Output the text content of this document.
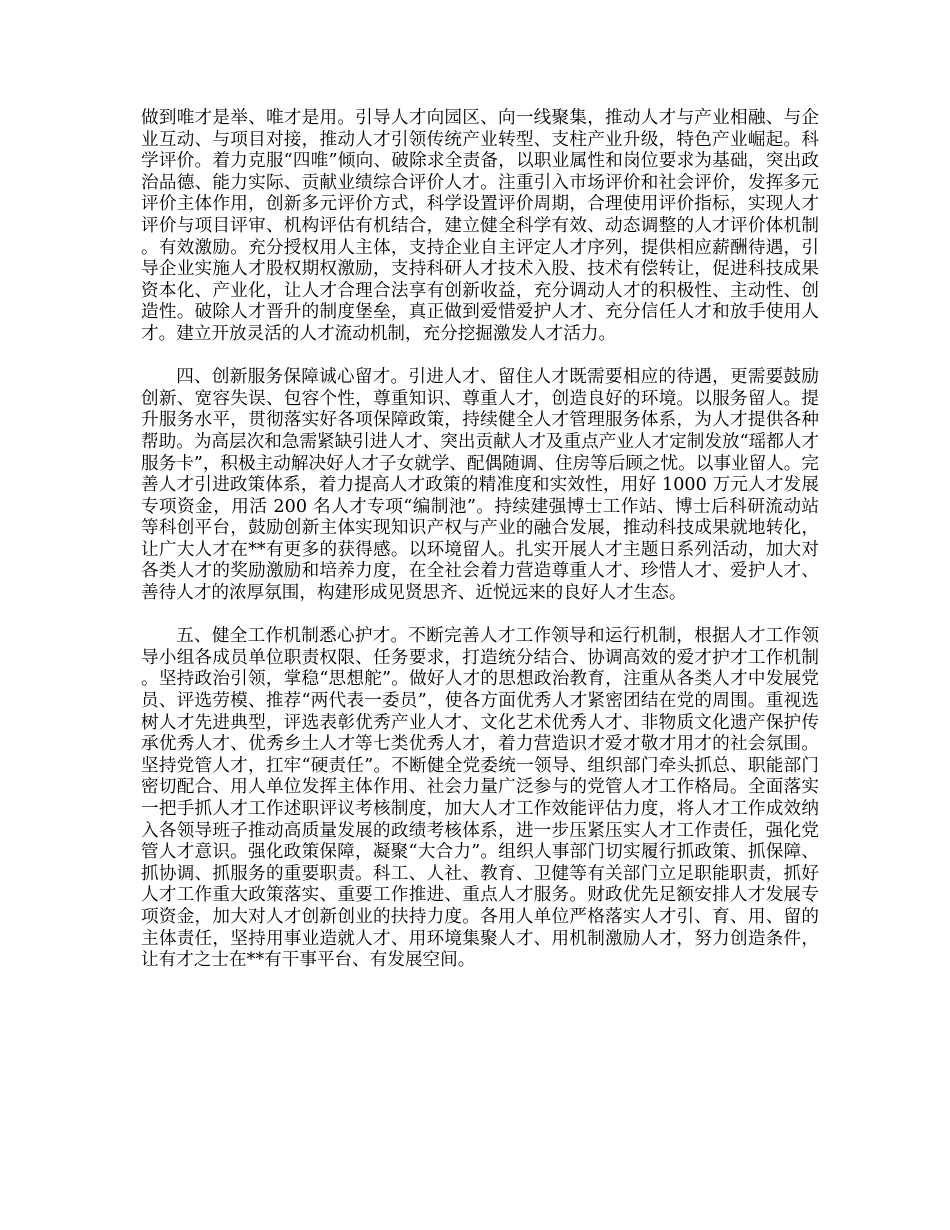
做到唯才是举、唯才是用。引导人才向园区、向一线聚集，推动人才与产业相融、与企业互动、与项目对接，推动人才引领传统产业转型、支柱产业升级，特色产业崛起。科学评价。着力克服“四唯”倾向、破除求全责备，以职业属性和岗位要求为基础，突出政治品德、能力实际、贡献业绩综合评价人才。注重引入市场评价和社会评价，发挥多元评价主体作用，创新多元评价方式，科学设置评价周期，合理使用评价指标，实现人才评价与项目评审、机构评估有机结合，建立健全科学有效、动态调整的人才评价体机制。有效激励。充分授权用人主体，支持企业自主评定人才序列，提供相应薪酬待遇，引导企业实施人才股权期权激励，支持科研人才技术入股、技术有偿转让，促进科技成果资本化、产业化，让人才合理合法享有创新收益，充分调动人才的积极性、主动性、创造性。破除人才晋升的制度堡垒，真正做到爱惜爱护人才、充分信任人才和放手使用人才。建立开放灵活的人才流动机制，充分挖掘激发人才活力。

四、创新服务保障诚心留才。引进人才、留住人才既需要相应的待遇，更需要鼓励创新、宽容失误、包容个性，尊重知识、尊重人才，创造良好的环境。以服务留人。提升服务水平，贯彻落实好各项保障政策，持续健全人才管理服务体系，为人才提供各种帮助。为高层次和急需紧缺引进人才、突出贡献人才及重点产业人才定制发放“瑶都人才服务卡”，积极主动解决好人才子女就学、配偶随调、住房等后顾之忧。以事业留人。完善人才引进政策体系，着力提高人才政策的精准度和实效性，用好 1000 万元人才发展专项资金，用活 200 名人才专项“编制池”。持续建强博士工作站、博士后科研流动站等科创平台，鼓励创新主体实现知识产权与产业的融合发展，推动科技成果就地转化，让广大人才在**有更多的获得感。以环境留人。扎实开展人才主题日系列活动，加大对各类人才的奖励激励和培养力度，在全社会着力营造尊重人才、珍惜人才、爱护人才、善待人才的浓厚氛围，构建形成见贤思齐、近悦远来的良好人才生态。

五、健全工作机制悉心护才。不断完善人才工作领导和运行机制，根据人才工作领导小组各成员单位职责权限、任务要求，打造统分结合、协调高效的爱才护才工作机制。坚持政治引领，掌稳“思想舵”。做好人才的思想政治教育，注重从各类人才中发展党员、评选劳模、推荐“两代表一委员”，使各方面优秀人才紧密团结在党的周围。重视选树人才先进典型，评选表彰优秀产业人才、文化艺术优秀人才、非物质文化遗产保护传承优秀人才、优秀乡土人才等七类优秀人才，着力营造识才爱才敬才用才的社会氛围。坚持党管人才，扛牢“硬责任”。不断健全党委统一领导、组织部门牵头抓总、职能部门密切配合、用人单位发挥主体作用、社会力量广泛参与的党管人才工作格局。全面落实一把手抓人才工作述职评议考核制度，加大人才工作效能评估力度，将人才工作成效纳入各领导班子推动高质量发展的政绩考核体系，进一步压紧压实人才工作责任，强化党管人才意识。强化政策保障，凝聚“大合力”。组织人事部门切实履行抓政策、抓保障、抓协调、抓服务的重要职责。科工、人社、教育、卫健等有关部门立足职能职责，抓好人才工作重大政策落实、重要工作推进、重点人才服务。财政优先足额安排人才发展专项资金，加大对人才创新创业的扶持力度。各用人单位严格落实人才引、育、用、留的主体责任，坚持用事业造就人才、用环境集聚人才、用机制激励人才，努力创造条件，让有才之士在**有干事平台、有发展空间。
